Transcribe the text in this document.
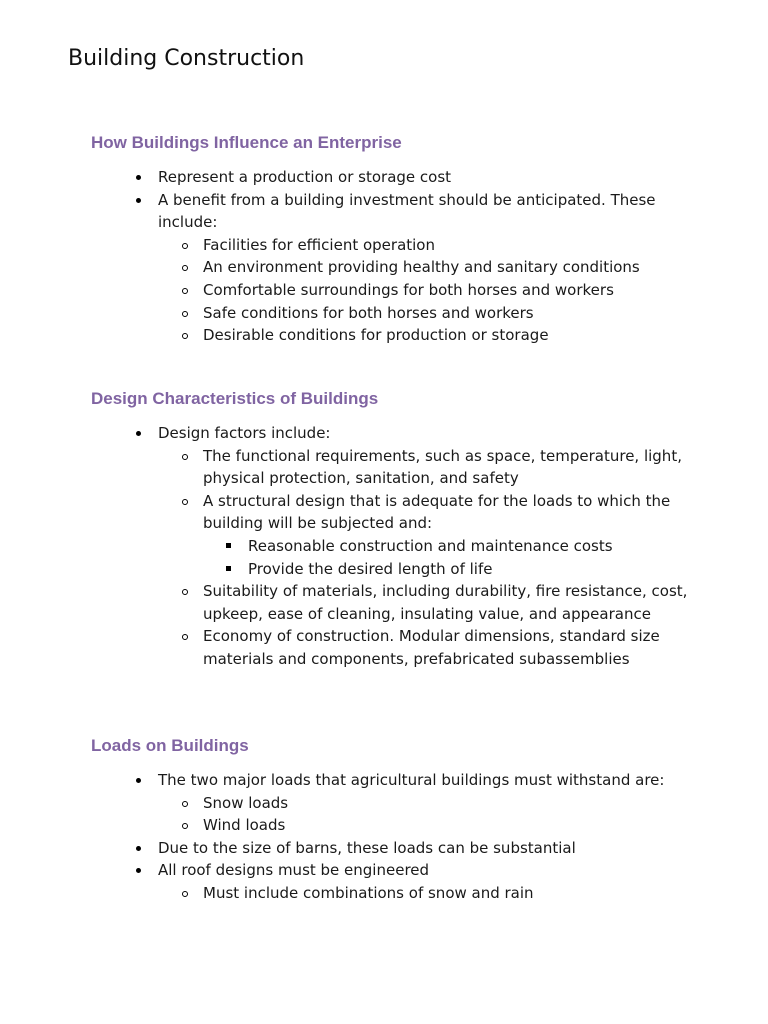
Building Construction
How Buildings Influence an Enterprise
Represent a production or storage cost
A benefit from a building investment should be anticipated. These include:
Facilities for efficient operation
An environment providing healthy and sanitary conditions
Comfortable surroundings for both horses and workers
Safe conditions for both horses and workers
Desirable conditions for production or storage
Design Characteristics of Buildings
Design factors include:
The functional requirements, such as space, temperature, light, physical protection, sanitation, and safety
A structural design that is adequate for the loads to which the building will be subjected and:
Reasonable construction and maintenance costs
Provide the desired length of life
Suitability of materials, including durability, fire resistance, cost, upkeep, ease of cleaning, insulating value, and appearance
Economy of construction. Modular dimensions, standard size materials and components, prefabricated subassemblies
Loads on Buildings
The two major loads that agricultural buildings must withstand are:
Snow loads
Wind loads
Due to the size of barns, these loads can be substantial
All roof designs must be engineered
Must include combinations of snow and rain
